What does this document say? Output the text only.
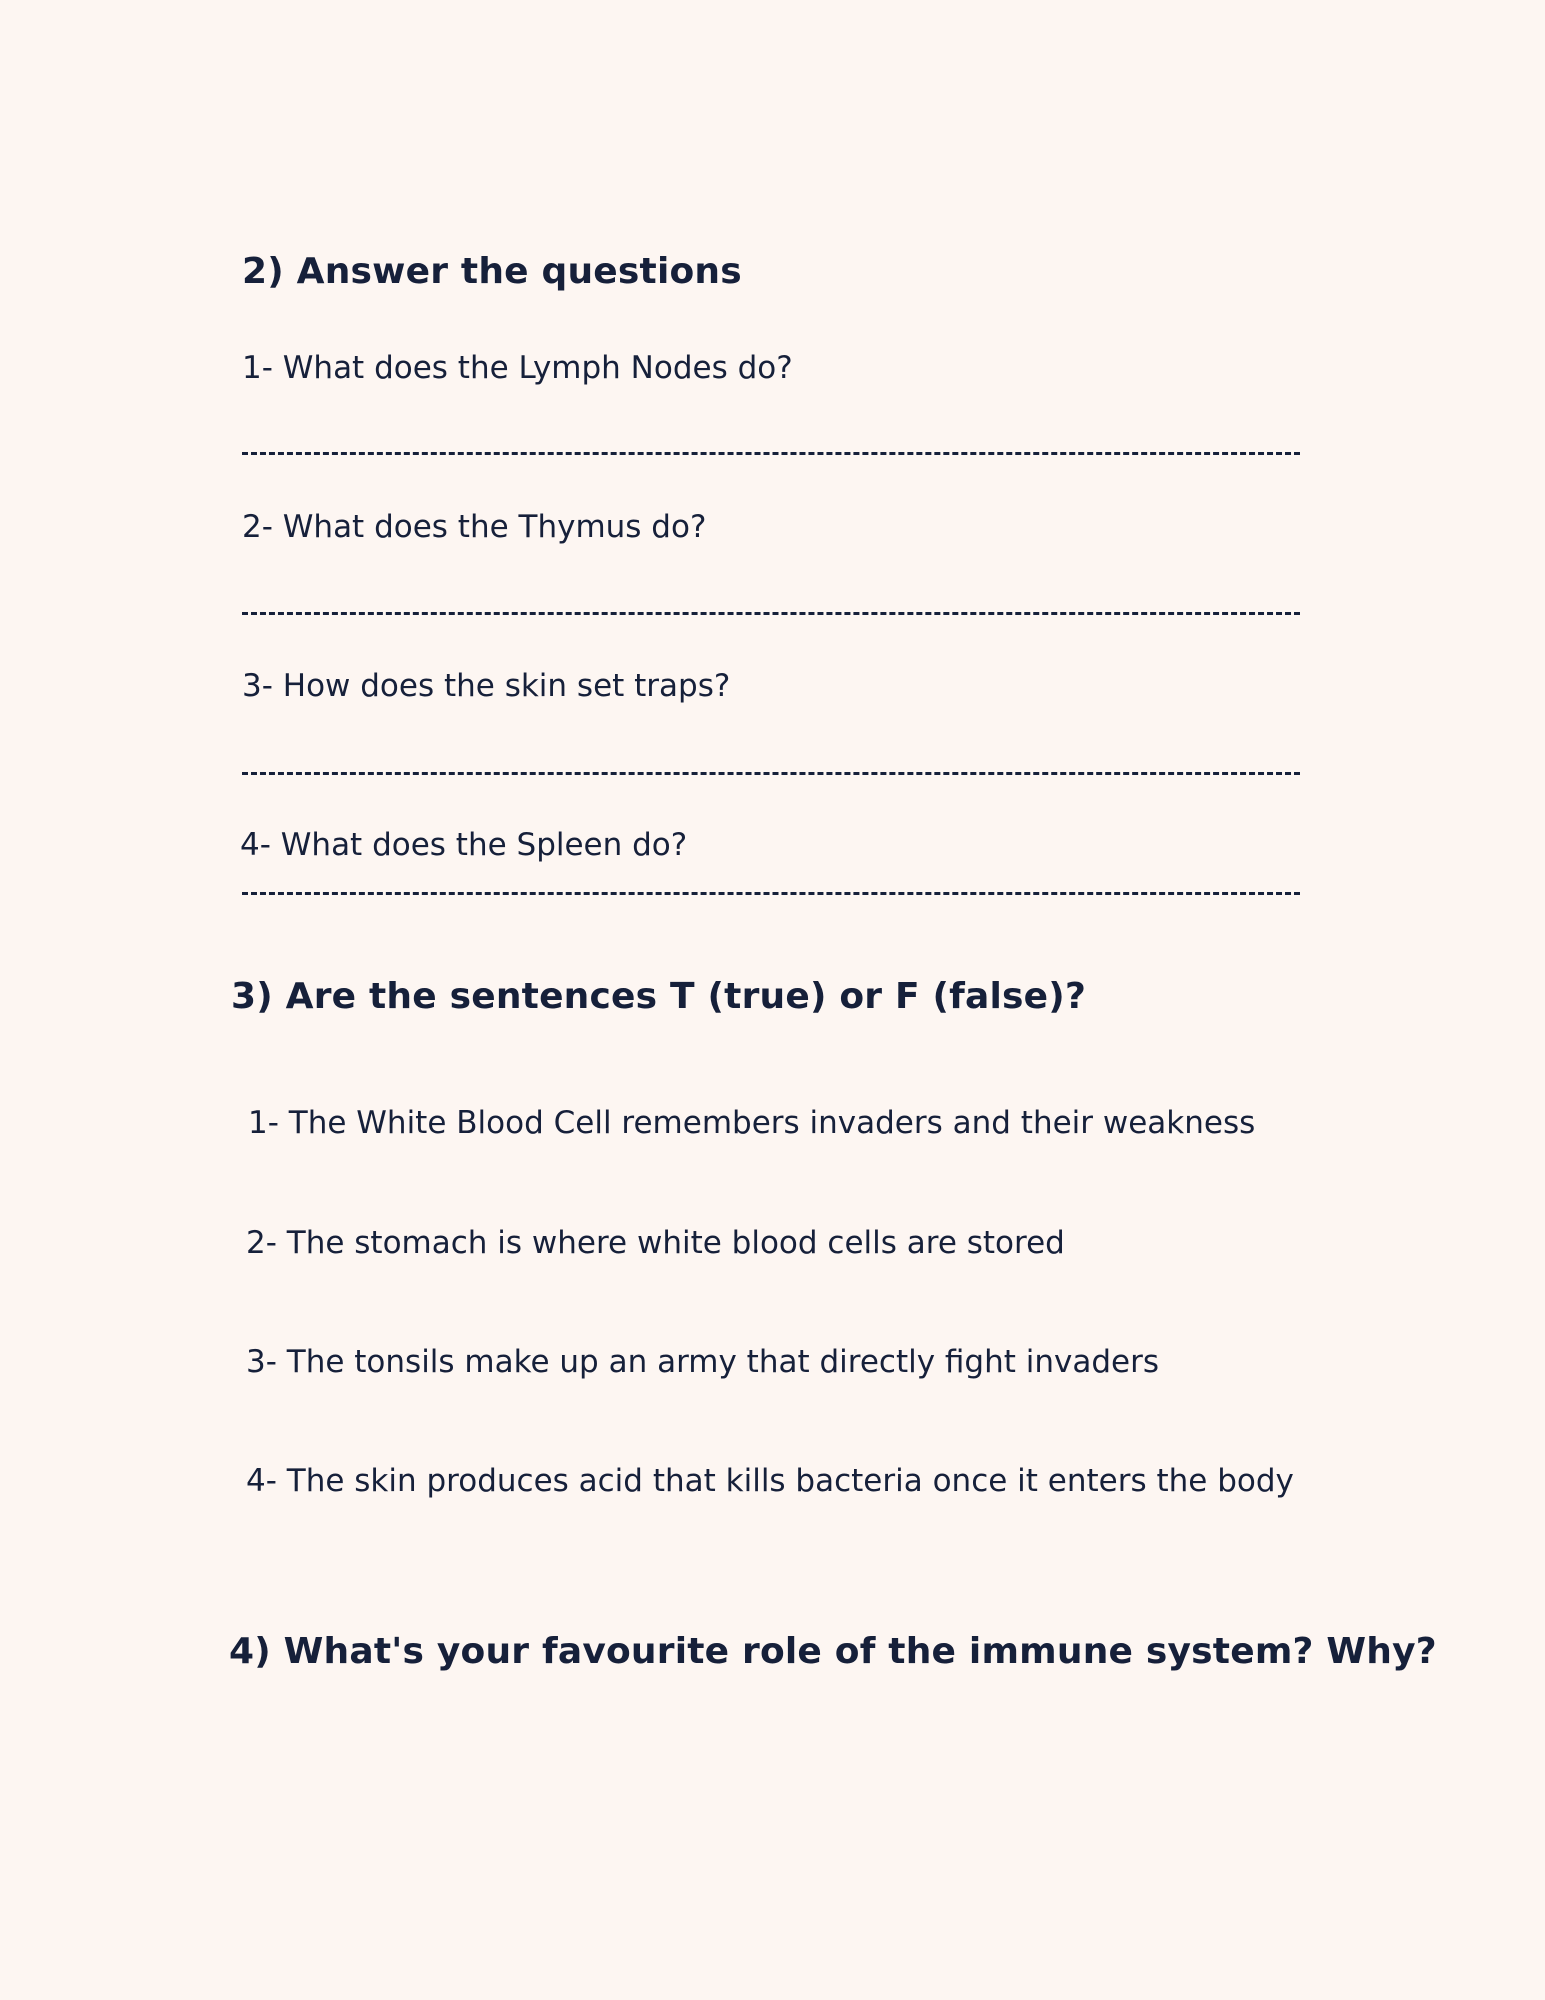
2) Answer the questions

1- What does the Lymph Nodes do?

2- What does the Thymus do?

3- How does the skin set traps?

4- What does the Spleen do?

3) Are the sentences T (true) or F (false)?

1- The White Blood Cell remembers invaders and their weakness

2- The stomach is where white blood cells are stored

3- The tonsils make up an army that directly fight invaders

4- The skin produces acid that kills bacteria once it enters the body

4) What's your favourite role of the immune system? Why?
